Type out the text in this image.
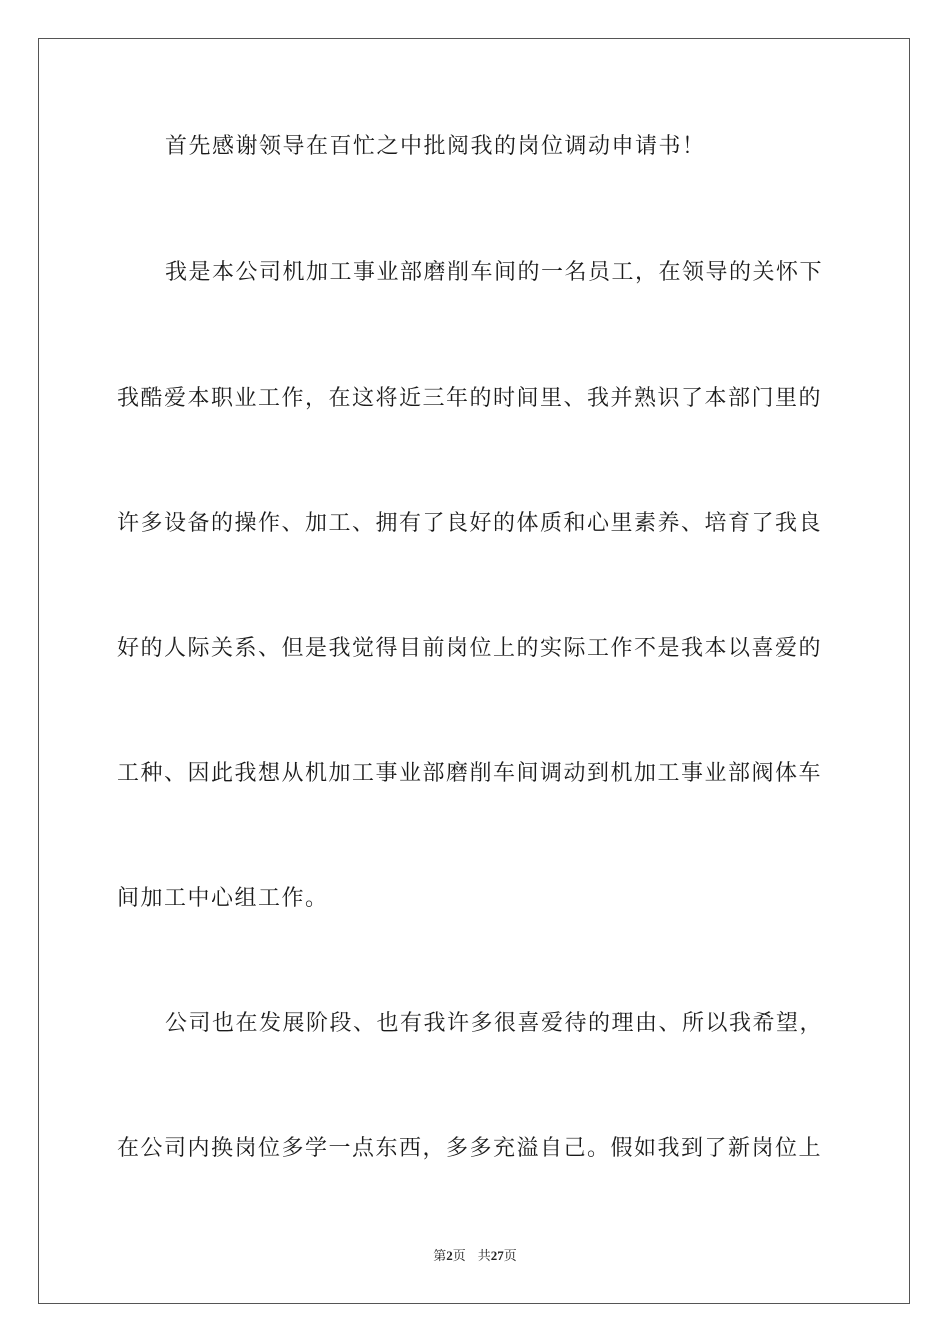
首先感谢领导在百忙之中批阅我的岗位调动申请书！
我是本公司机加工事业部磨削车间的一名员工，在领导的关怀下
我酷爱本职业工作，在这将近三年的时间里、我并熟识了本部门里的
许多设备的操作、加工、拥有了良好的体质和心里素养、培育了我良
好的人际关系、但是我觉得目前岗位上的实际工作不是我本以喜爱的
工种、因此我想从机加工事业部磨削车间调动到机加工事业部阀体车
间加工中心组工作。
公司也在发展阶段、也有我许多很喜爱待的理由、所以我希望，
在公司内换岗位多学一点东西，多多充溢自己。假如我到了新岗位上
第2页 共27页
